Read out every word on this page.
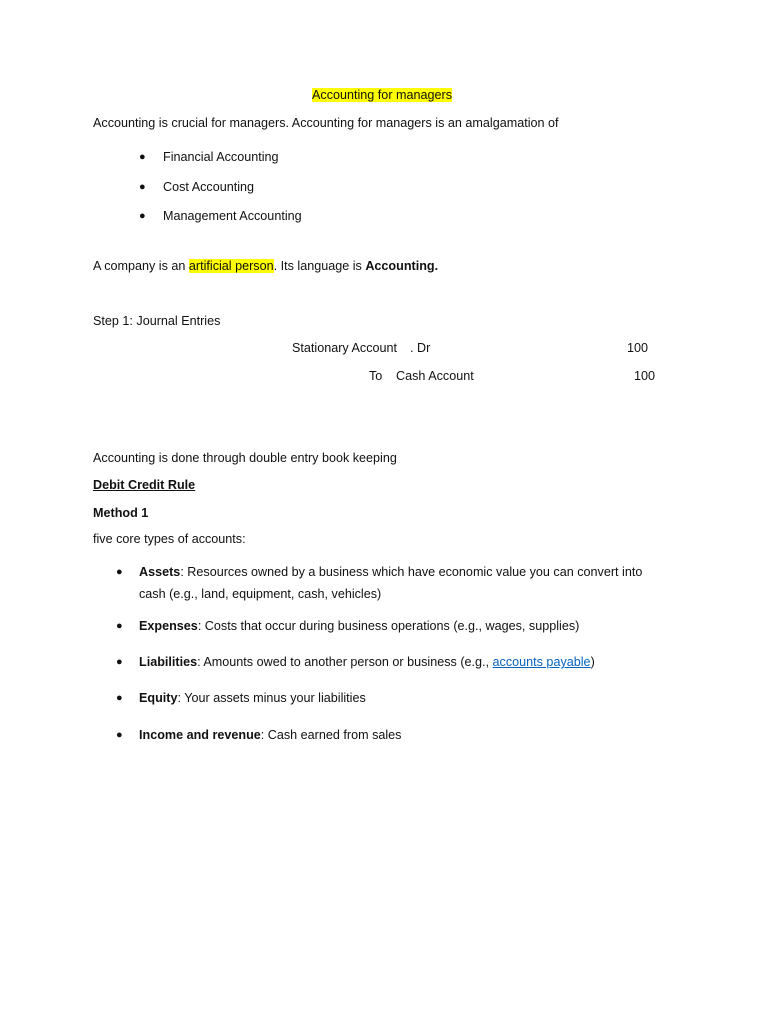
Accounting for managers
Accounting is crucial for managers. Accounting for managers is an amalgamation of
● Financial Accounting
● Cost Accounting
● Management Accounting
A company is an artificial person. Its language is Accounting.
Step 1: Journal Entries
Stationary Account . Dr	100
To Cash Account	100
Accounting is done through double entry book keeping
Debit Credit Rule
Method 1
five core types of accounts:
● Assets: Resources owned by a business which have economic value you can convert into
cash (e.g., land, equipment, cash, vehicles)
● Expenses: Costs that occur during business operations (e.g., wages, supplies)
● Liabilities: Amounts owed to another person or business (e.g., accounts payable)
● Equity: Your assets minus your liabilities
● Income and revenue: Cash earned from sales
